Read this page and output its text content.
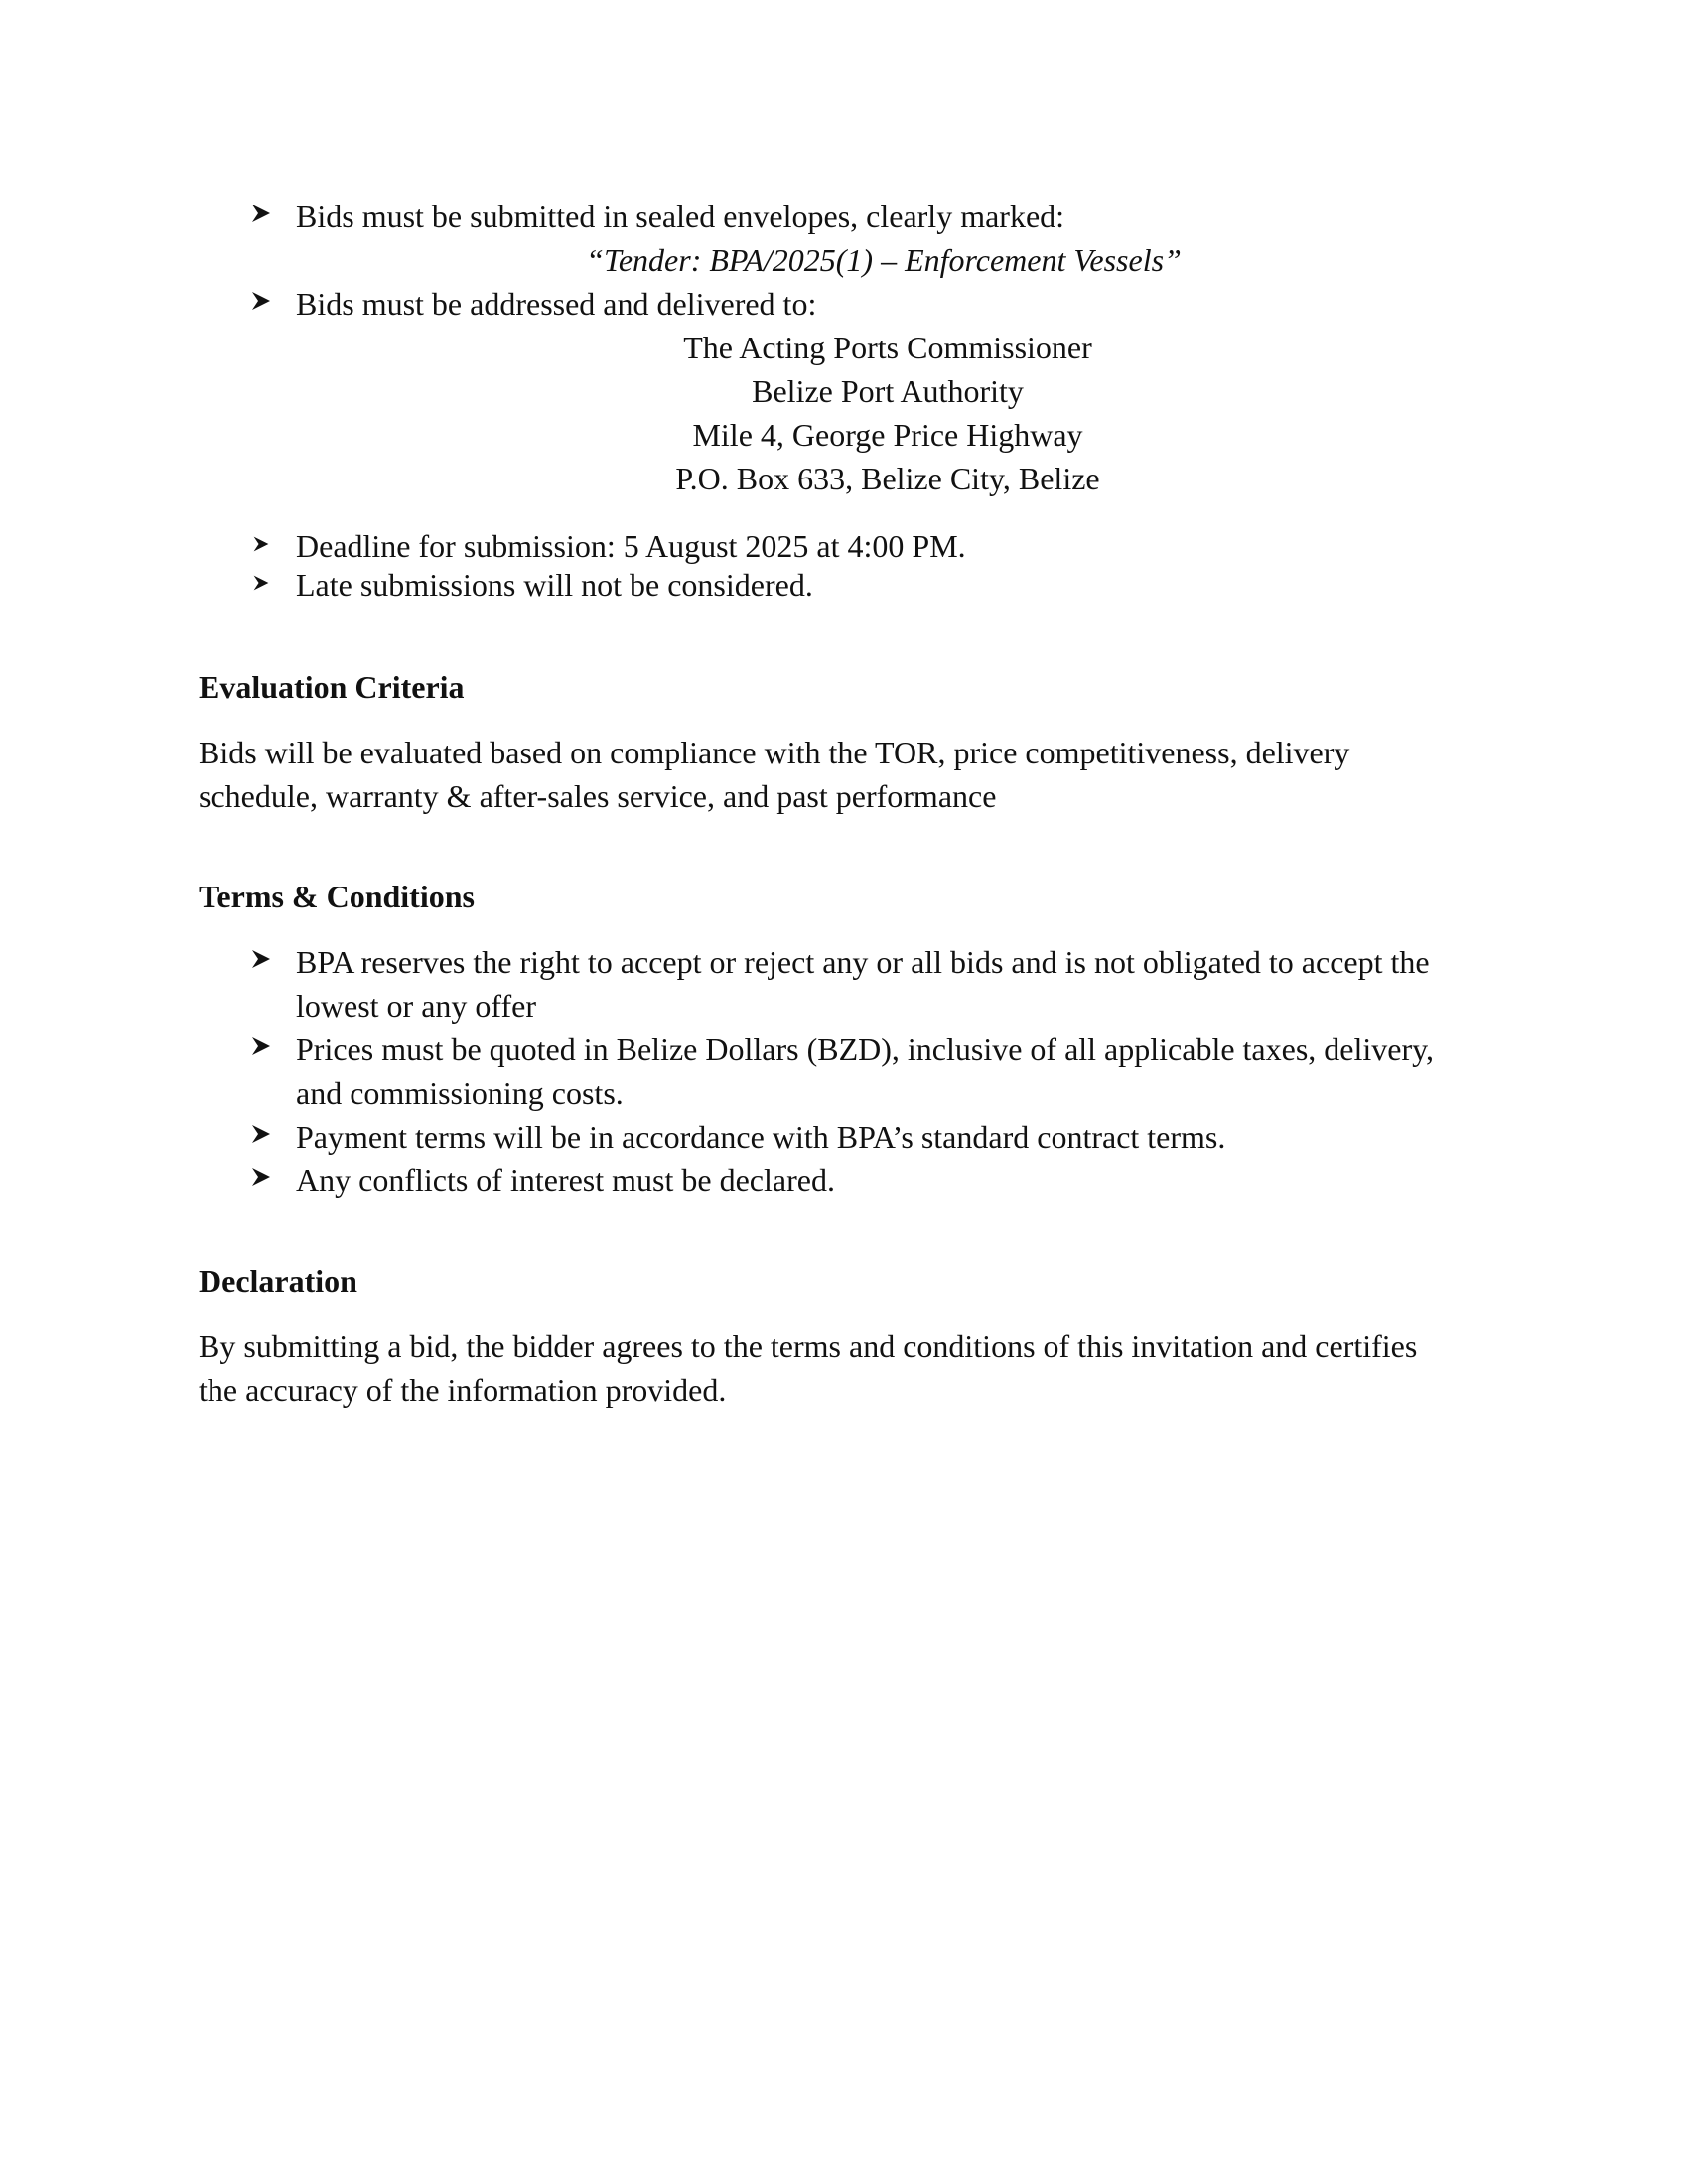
Bids must be submitted in sealed envelopes, clearly marked:
“Tender: BPA/2025(1) – Enforcement Vessels”
Bids must be addressed and delivered to:
The Acting Ports Commissioner
Belize Port Authority
Mile 4, George Price Highway
P.O. Box 633, Belize City, Belize
Deadline for submission: 5 August 2025 at 4:00 PM.
Late submissions will not be considered.
Evaluation Criteria
Bids will be evaluated based on compliance with the TOR, price competitiveness, delivery
schedule, warranty & after-sales service, and past performance
Terms & Conditions
BPA reserves the right to accept or reject any or all bids and is not obligated to accept the
lowest or any offer
Prices must be quoted in Belize Dollars (BZD), inclusive of all applicable taxes, delivery,
and commissioning costs.
Payment terms will be in accordance with BPA’s standard contract terms.
Any conflicts of interest must be declared.
Declaration
By submitting a bid, the bidder agrees to the terms and conditions of this invitation and certifies
the accuracy of the information provided.
